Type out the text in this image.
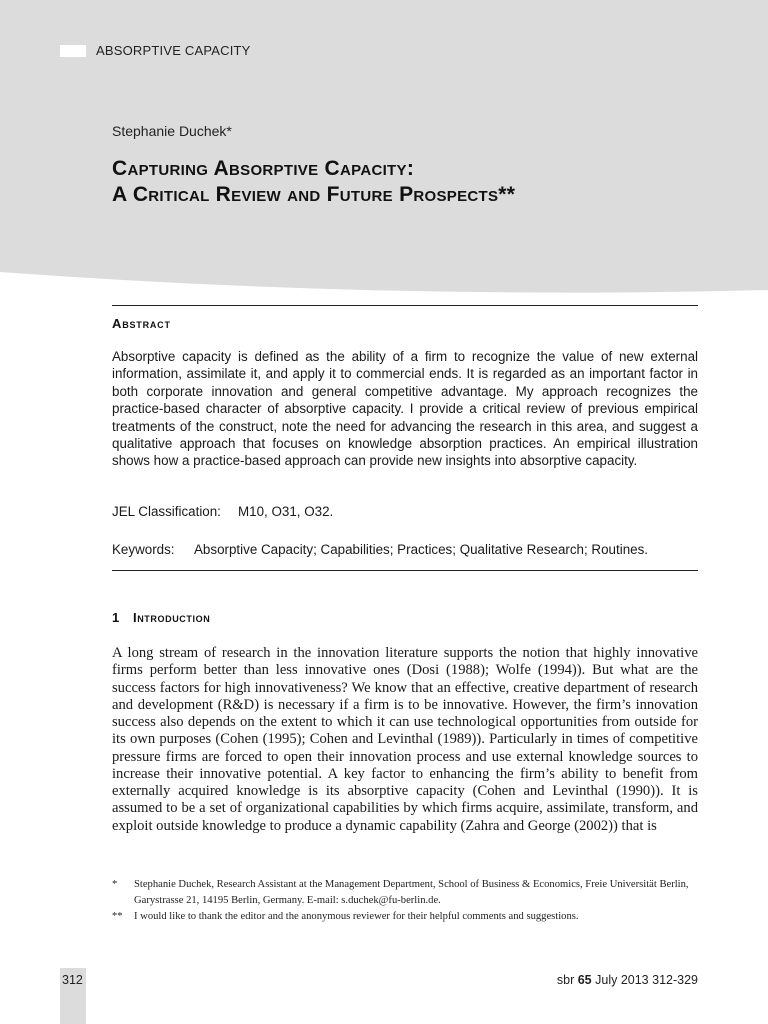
ABSORPTIVE CAPACITY
Stephanie Duchek*
Capturing Absorptive Capacity:
A Critical Review and Future Prospects**
Abstract

Absorptive capacity is defined as the ability of a firm to recognize the value of new external information, assimilate it, and apply it to commercial ends. It is regarded as an important factor in both corporate innovation and general competitive advantage. My approach recognizes the practice-based character of absorptive capacity. I provide a critical review of previous empirical treatments of the construct, note the need for advancing the research in this area, and suggest a qualitative approach that focuses on knowledge absorption practices. An empirical illustration shows how a practice-based approach can provide new insights into absorptive capacity.

JEL Classification: M10, O31, O32.
Keywords: Absorptive Capacity; Capabilities; Practices; Qualitative Research; Routines.
1 Introduction

A long stream of research in the innovation literature supports the notion that highly innovative firms perform better than less innovative ones (Dosi (1988); Wolfe (1994)). But what are the success factors for high innovativeness? We know that an effective, creative department of research and development (R&D) is necessary if a firm is to be innovative. However, the firm’s innovation success also depends on the extent to which it can use technological opportunities from outside for its own purposes (Cohen (1995); Cohen and Levinthal (1989)). Particularly in times of competitive pressure firms are forced to open their innovation process and use external knowledge sources to increase their innovative potential. A key factor to enhancing the firm’s ability to benefit from externally acquired knowledge is its absorptive capacity (Cohen and Levinthal (1990)). It is assumed to be a set of organizational capabilities by which firms acquire, assimilate, transform, and exploit outside knowledge to produce a dynamic capability (Zahra and George (2002)) that is

* Stephanie Duchek, Research Assistant at the Management Department, School of Business & Economics, Freie Universität Berlin, Garystrasse 21, 14195 Berlin, Germany. E-mail: s.duchek@fu-berlin.de.
** I would like to thank the editor and the anonymous reviewer for their helpful comments and suggestions.
312	sbr 65 July 2013 312-329
